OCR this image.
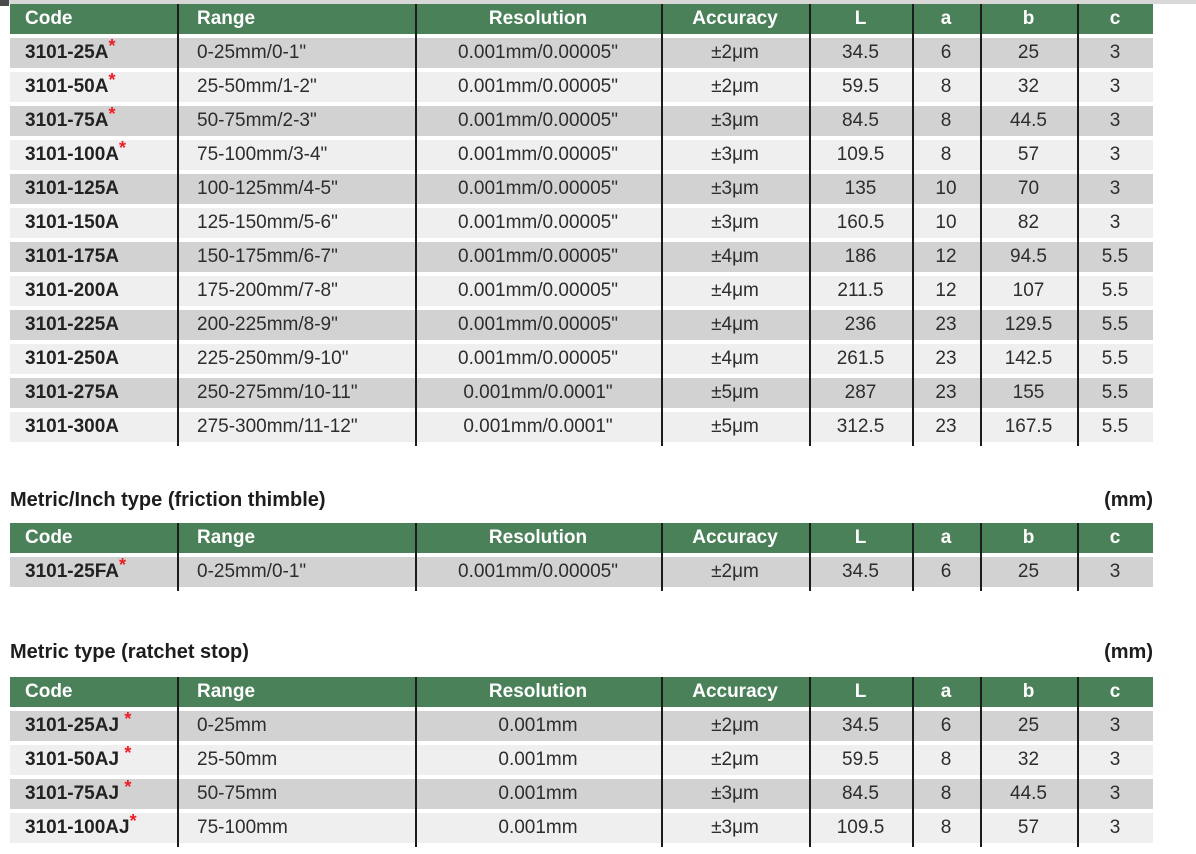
Code	Range	Resolution	Accuracy	L	a	b	c
3101-25A*	0-25mm/0-1"	0.001mm/0.00005"	±2μm	34.5	6	25	3
3101-50A*	25-50mm/1-2"	0.001mm/0.00005"	±2μm	59.5	8	32	3
3101-75A*	50-75mm/2-3"	0.001mm/0.00005"	±3μm	84.5	8	44.5	3
3101-100A*	75-100mm/3-4"	0.001mm/0.00005"	±3μm	109.5	8	57	3
3101-125A	100-125mm/4-5"	0.001mm/0.00005"	±3μm	135	10	70	3
3101-150A	125-150mm/5-6"	0.001mm/0.00005"	±3μm	160.5	10	82	3
3101-175A	150-175mm/6-7"	0.001mm/0.00005"	±4μm	186	12	94.5	5.5
3101-200A	175-200mm/7-8"	0.001mm/0.00005"	±4μm	211.5	12	107	5.5
3101-225A	200-225mm/8-9"	0.001mm/0.00005"	±4μm	236	23	129.5	5.5
3101-250A	225-250mm/9-10"	0.001mm/0.00005"	±4μm	261.5	23	142.5	5.5
3101-275A	250-275mm/10-11"	0.001mm/0.0001"	±5μm	287	23	155	5.5
3101-300A	275-300mm/11-12"	0.001mm/0.0001"	±5μm	312.5	23	167.5	5.5
Metric/Inch type (friction thimble)	(mm)
Code	Range	Resolution	Accuracy	L	a	b	c
3101-25FA*	0-25mm/0-1"	0.001mm/0.00005"	±2μm	34.5	6	25	3
Metric type (ratchet stop)	(mm)
Code	Range	Resolution	Accuracy	L	a	b	c
3101-25AJ *	0-25mm	0.001mm	±2μm	34.5	6	25	3
3101-50AJ *	25-50mm	0.001mm	±2μm	59.5	8	32	3
3101-75AJ *	50-75mm	0.001mm	±3μm	84.5	8	44.5	3
3101-100AJ*	75-100mm	0.001mm	±3μm	109.5	8	57	3
